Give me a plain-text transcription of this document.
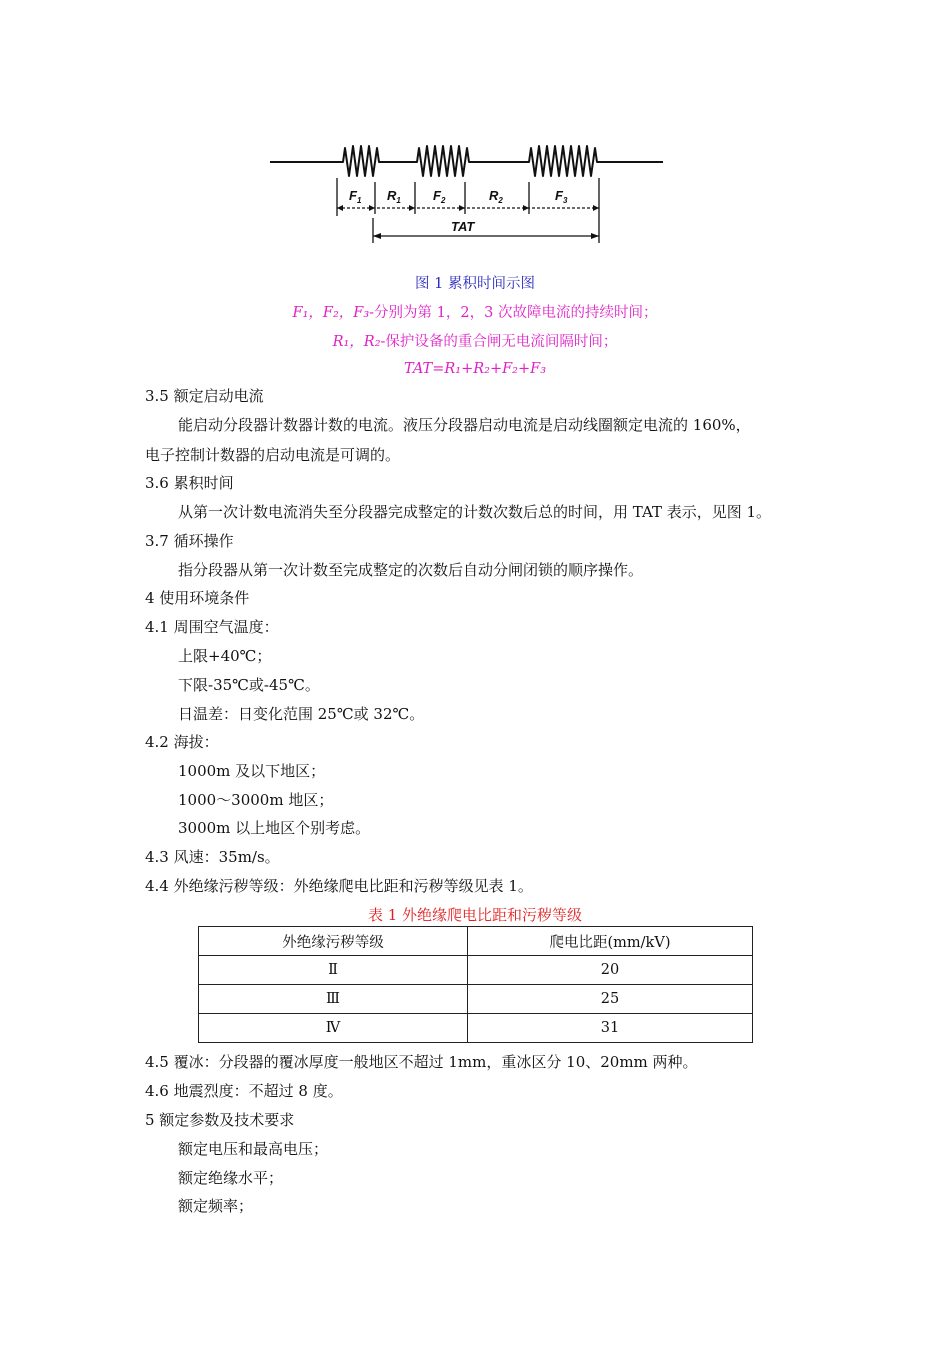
$F_1$ $R_1$ $F_2$	$R_2$	$F_3$
TAT
图 1 累积时间示图
F₁，F₂，F₃-分别为第 1，2，3 次故障电流的持续时间；
R₁，R₂-保护设备的重合闸无电流间隔时间；
TAT=R₁+R₂+F₂+F₃
3.5 额定启动电流
能启动分段器计数器计数的电流。液压分段器启动电流是启动线圈额定电流的 160%，
电子控制计数器的启动电流是可调的。
3.6 累积时间
从第一次计数电流消失至分段器完成整定的计数次数后总的时间，用 TAT 表示，见图 1。
3.7 循环操作
指分段器从第一次计数至完成整定的次数后自动分闸闭锁的顺序操作。
4 使用环境条件
4.1 周围空气温度：
上限+40℃；
下限-35℃或-45℃。
日温差：日变化范围 25℃或 32℃。
4.2 海拔：
1000m 及以下地区；
1000～3000m 地区；
3000m 以上地区个别考虑。
4.3 风速：35m/s。
4.4 外绝缘污秽等级：外绝缘爬电比距和污秽等级见表 1。
表 1 外绝缘爬电比距和污秽等级
外绝缘污秽等级	爬电比距(mm/kV)
Ⅱ	20
Ⅲ	25
Ⅳ	31
4.5 覆冰：分段器的覆冰厚度一般地区不超过 1mm，重冰区分 10、20mm 两种。
4.6 地震烈度：不超过 8 度。
5 额定参数及技术要求
额定电压和最高电压；
额定绝缘水平；
额定频率；
